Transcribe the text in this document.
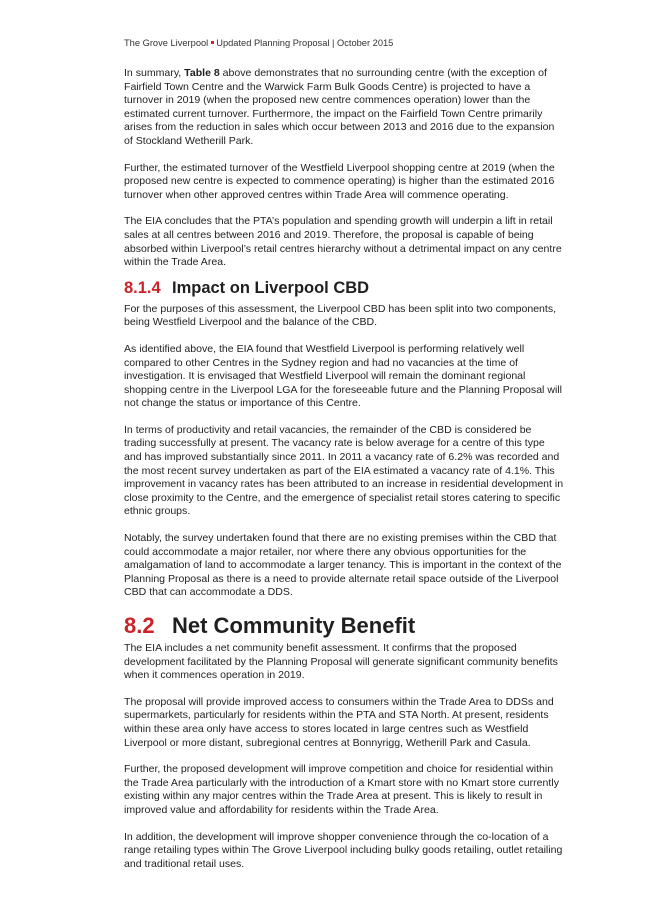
The Grove Liverpool Updated Planning Proposal | October 2015

In summary, Table 8 above demonstrates that no surrounding centre (with the exception of Fairfield Town Centre and the Warwick Farm Bulk Goods Centre) is projected to have a turnover in 2019 (when the proposed new centre commences operation) lower than the estimated current turnover. Furthermore, the impact on the Fairfield Town Centre primarily arises from the reduction in sales which occur between 2013 and 2016 due to the expansion of Stockland Wetherill Park.

Further, the estimated turnover of the Westfield Liverpool shopping centre at 2019 (when the proposed new centre is expected to commence operating) is higher than the estimated 2016 turnover when other approved centres within Trade Area will commence operating.

The EIA concludes that the PTA’s population and spending growth will underpin a lift in retail sales at all centres between 2016 and 2019. Therefore, the proposal is capable of being absorbed within Liverpool’s retail centres hierarchy without a detrimental impact on any centre within the Trade Area.

8.1.4 Impact on Liverpool CBD

For the purposes of this assessment, the Liverpool CBD has been split into two components, being Westfield Liverpool and the balance of the CBD.

As identified above, the EIA found that Westfield Liverpool is performing relatively well compared to other Centres in the Sydney region and had no vacancies at the time of investigation. It is envisaged that Westfield Liverpool will remain the dominant regional shopping centre in the Liverpool LGA for the foreseeable future and the Planning Proposal will not change the status or importance of this Centre.

In terms of productivity and retail vacancies, the remainder of the CBD is considered be trading successfully at present. The vacancy rate is below average for a centre of this type and has improved substantially since 2011. In 2011 a vacancy rate of 6.2% was recorded and the most recent survey undertaken as part of the EIA estimated a vacancy rate of 4.1%. This improvement in vacancy rates has been attributed to an increase in residential development in close proximity to the Centre, and the emergence of specialist retail stores catering to specific ethnic groups.

Notably, the survey undertaken found that there are no existing premises within the CBD that could accommodate a major retailer, nor where there any obvious opportunities for the amalgamation of land to accommodate a larger tenancy. This is important in the context of the Planning Proposal as there is a need to provide alternate retail space outside of the Liverpool CBD that can accommodate a DDS.

8.2 Net Community Benefit

The EIA includes a net community benefit assessment. It confirms that the proposed development facilitated by the Planning Proposal will generate significant community benefits when it commences operation in 2019.

The proposal will provide improved access to consumers within the Trade Area to DDSs and supermarkets, particularly for residents within the PTA and STA North. At present, residents within these area only have access to stores located in large centres such as Westfield Liverpool or more distant, subregional centres at Bonnyrigg, Wetherill Park and Casula.

Further, the proposed development will improve competition and choice for residential within the Trade Area particularly with the introduction of a Kmart store with no Kmart store currently existing within any major centres within the Trade Area at present. This is likely to result in improved value and affordability for residents within the Trade Area.

In addition, the development will improve shopper convenience through the co-location of a range retailing types within The Grove Liverpool including bulky goods retailing, outlet retailing and traditional retail uses.
